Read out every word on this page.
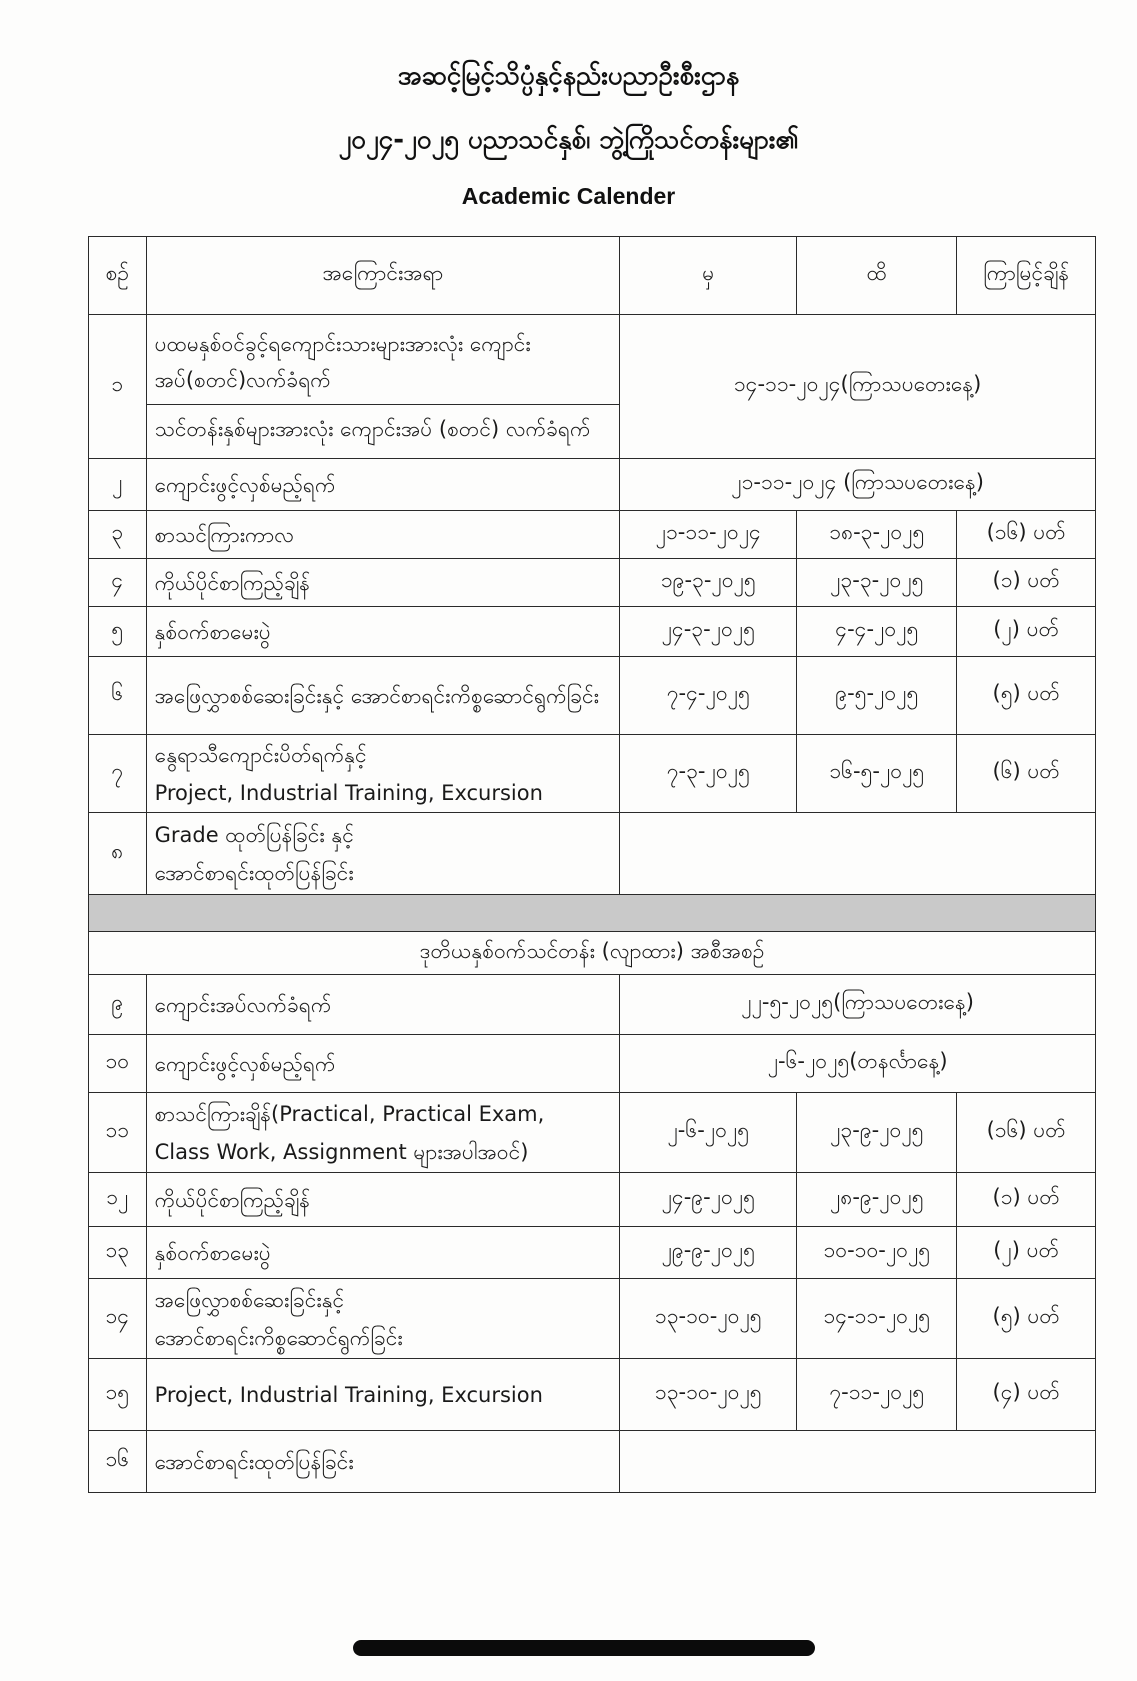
အဆင့်မြင့်သိပ္ပံနှင့်နည်းပညာဦးစီးဌာန
၂၀၂၄-၂၀၂၅ ပညာသင်နှစ်၊ ဘွဲ့ကြိုသင်တန်းများ၏
Academic Calender
စဉ်	အကြောင်းအရာ	မှ	ထိ	ကြာမြင့်ချိန်
၁	ပထမနှစ်ဝင်ခွင့်ရကျောင်းသားများအားလုံး ကျောင်းအပ်(စတင်)လက်ခံရက်
သင်တန်းနှစ်များအားလုံး ကျောင်းအပ် (စတင်) လက်ခံရက်	၁၄-၁၁-၂၀၂၄(ကြာသပတေးနေ့)		
၂	ကျောင်းဖွင့်လှစ်မည့်ရက်	၂၁-၁၁-၂၀၂၄ (ကြာသပတေးနေ့)		
၃	စာသင်ကြားကာလ	၂၁-၁၁-၂၀၂၄	၁၈-၃-၂၀၂၅	(၁၆) ပတ်
၄	ကိုယ်ပိုင်စာကြည့်ချိန်	၁၉-၃-၂၀၂၅	၂၃-၃-၂၀၂၅	(၁) ပတ်
၅	နှစ်ဝက်စာမေးပွဲ	၂၄-၃-၂၀၂၅	၄-၄-၂၀၂၅	(၂) ပတ်
၆	အဖြေလွှာစစ်ဆေးခြင်းနှင့် အောင်စာရင်းကိစ္စဆောင်ရွက်ခြင်း	၇-၄-၂၀၂၅	၉-၅-၂၀၂၅	(၅) ပတ်
၇	နွေရာသီကျောင်းပိတ်ရက်နှင့်
Project, Industrial Training, Excursion	၇-၃-၂၀၂၅	၁၆-၅-၂၀၂၅	(၆) ပတ်
၈	Grade ထုတ်ပြန်ခြင်း နှင့်
အောင်စာရင်းထုတ်ပြန်ခြင်း			

ဒုတိယနှစ်ဝက်သင်တန်း (လျာထား) အစီအစဉ်				
၉	ကျောင်းအပ်လက်ခံရက်	၂၂-၅-၂၀၂၅(ကြာသပတေးနေ့)		
၁၀	ကျောင်းဖွင့်လှစ်မည့်ရက်	၂-၆-၂၀၂၅(တနင်္လာနေ့)		
၁၁	စာသင်ကြားချိန်(Practical, Practical Exam,
Class Work, Assignment များအပါအဝင်)	၂-၆-၂၀၂၅	၂၃-၉-၂၀၂၅	(၁၆) ပတ်
၁၂	ကိုယ်ပိုင်စာကြည့်ချိန်	၂၄-၉-၂၀၂၅	၂၈-၉-၂၀၂၅	(၁) ပတ်
၁၃	နှစ်ဝက်စာမေးပွဲ	၂၉-၉-၂၀၂၅	၁၀-၁၀-၂၀၂၅	(၂) ပတ်
၁၄	အဖြေလွှာစစ်ဆေးခြင်းနှင့်
အောင်စာရင်းကိစ္စဆောင်ရွက်ခြင်း	၁၃-၁၀-၂၀၂၅	၁၄-၁၁-၂၀၂၅	(၅) ပတ်
၁၅	Project, Industrial Training, Excursion	၁၃-၁၀-၂၀၂၅	၇-၁၁-၂၀၂၅	(၄) ပတ်
၁၆	အောင်စာရင်းထုတ်ပြန်ခြင်း			
